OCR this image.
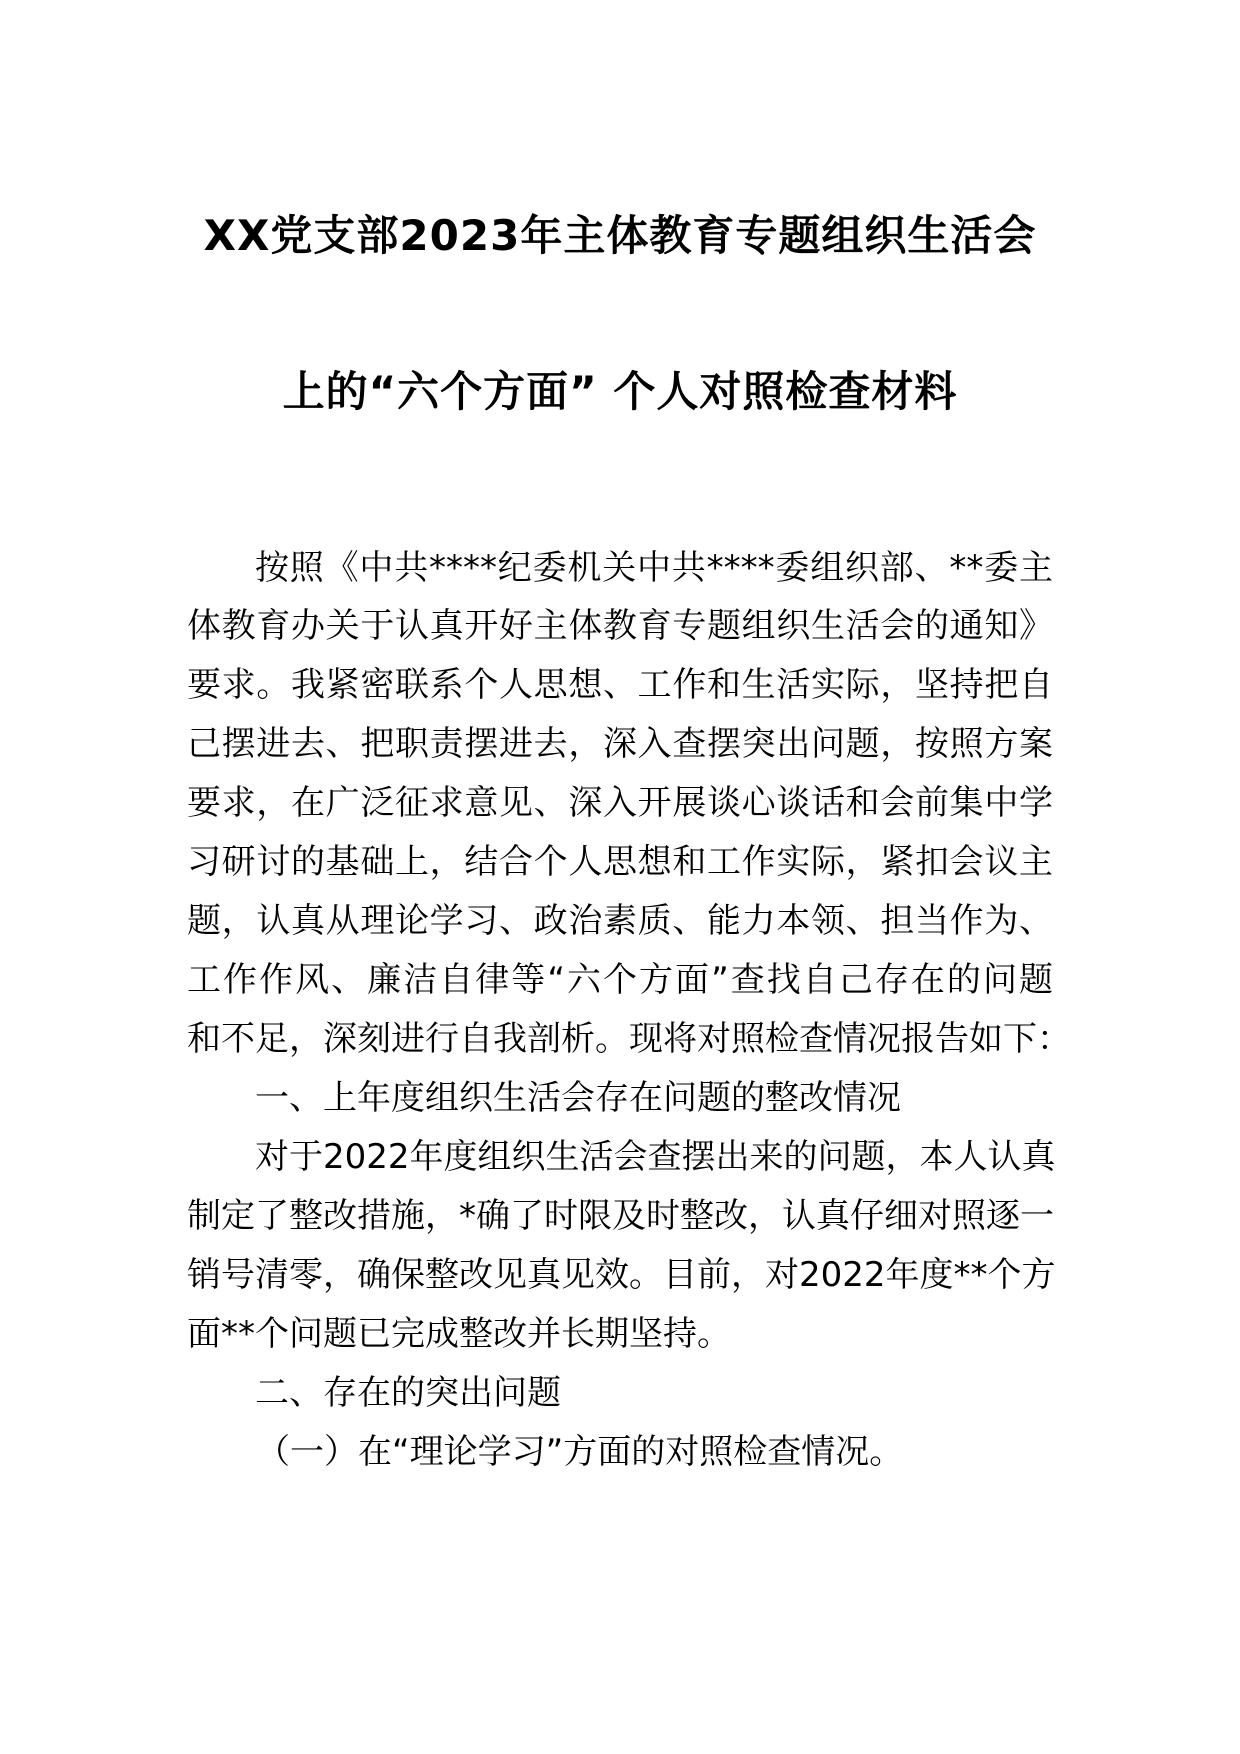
XX党支部2023年主体教育专题组织生活会
上的“六个方面” 个人对照检查材料
按照《中共****纪委机关中共****委组织部、**委主
体教育办关于认真开好主体教育专题组织生活会的通知》
要求。我紧密联系个人思想、工作和生活实际，坚持把自
己摆进去、把职责摆进去，深入查摆突出问题，按照方案
要求，在广泛征求意见、深入开展谈心谈话和会前集中学
习研讨的基础上，结合个人思想和工作实际，紧扣会议主
题，认真从理论学习、政治素质、能力本领、担当作为、
工作作风、廉洁自律等“六个方面”查找自己存在的问题
和不足，深刻进行自我剖析。现将对照检查情况报告如下：
一、上年度组织生活会存在问题的整改情况
对于2022年度组织生活会查摆出来的问题，本人认真
制定了整改措施，*确了时限及时整改，认真仔细对照逐一
销号清零，确保整改见真见效。目前，对2022年度**个方
面**个问题已完成整改并长期坚持。
二、存在的突出问题
（一）在“理论学习”方面的对照检查情况。
